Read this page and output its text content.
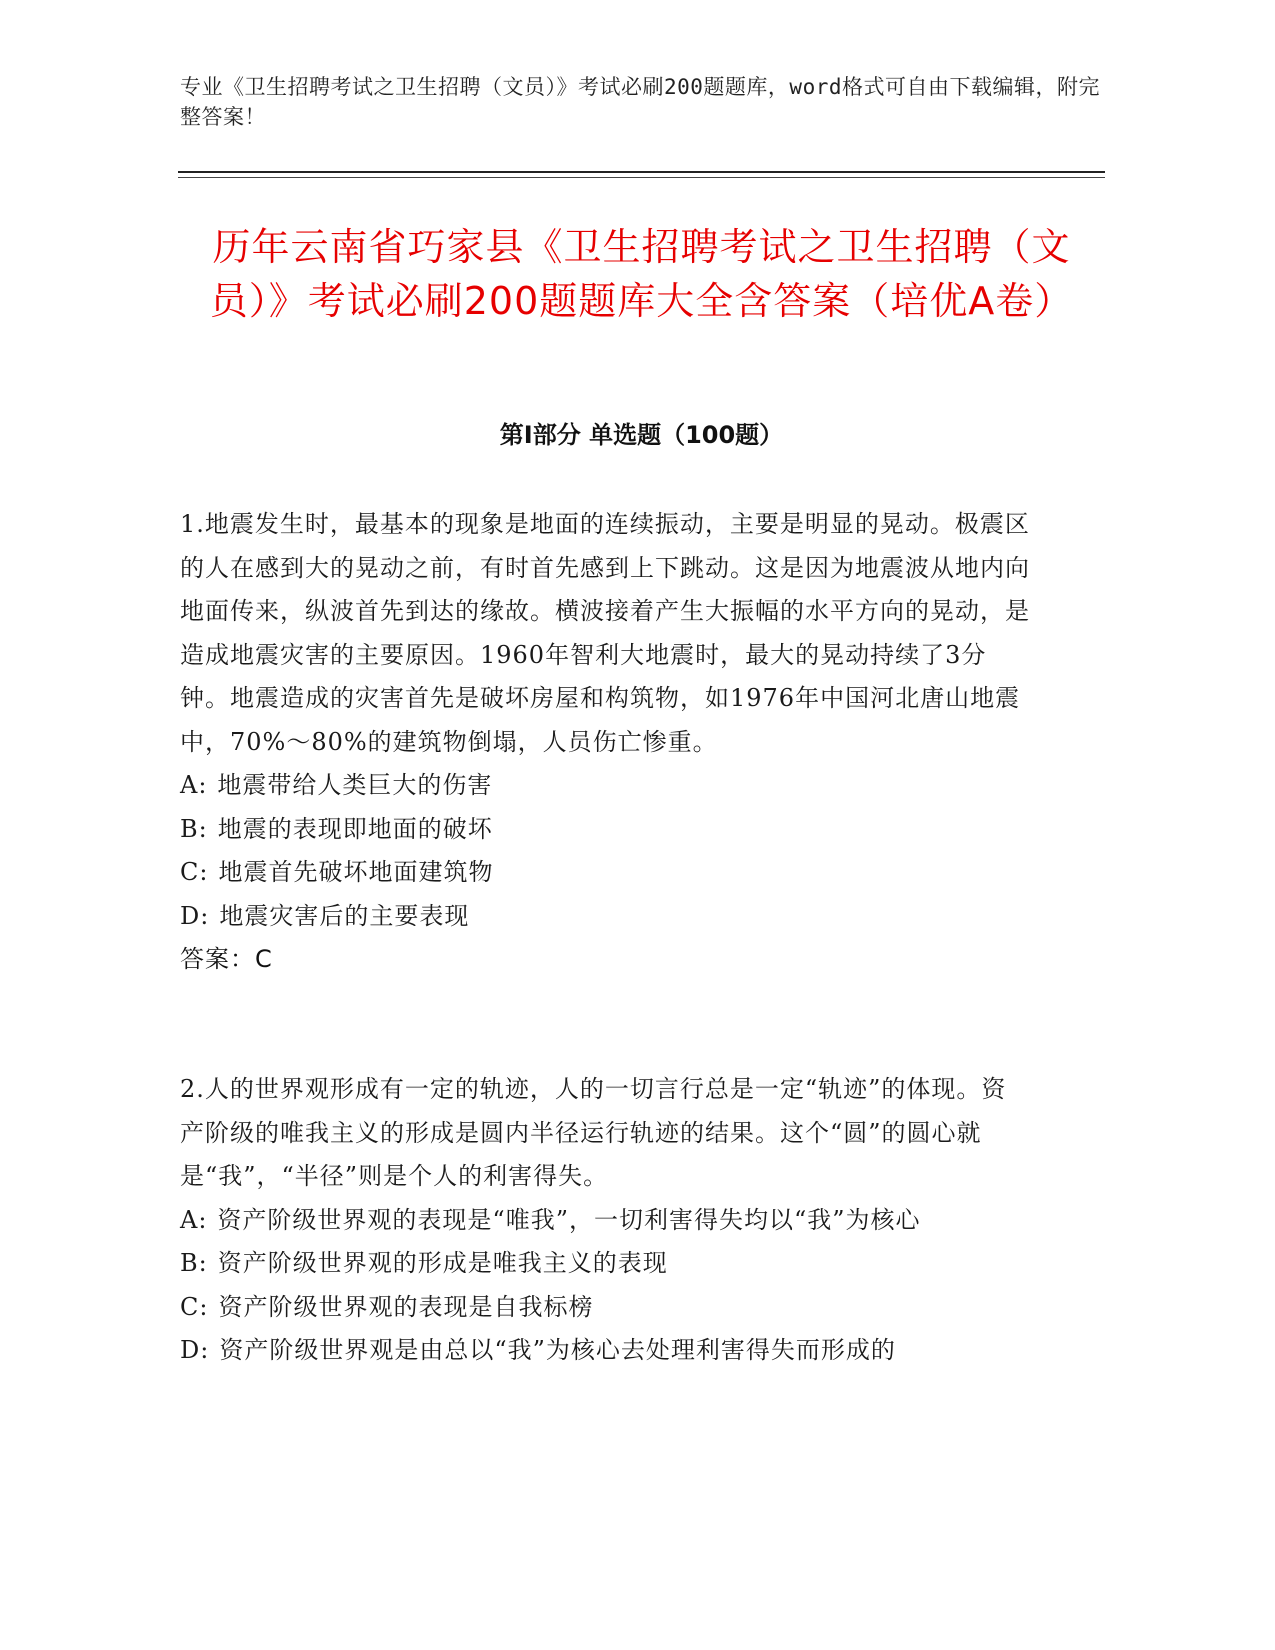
专业《卫生招聘考试之卫生招聘（文员）》考试必刷200题题库，word格式可自由下载编辑，附完整答案！
历年云南省巧家县《卫生招聘考试之卫生招聘（文员）》考试必刷200题题库大全含答案（培优A卷）
第I部分 单选题（100题）

1.地震发生时，最基本的现象是地面的连续振动，主要是明显的晃动。极震区的人在感到大的晃动之前，有时首先感到上下跳动。这是因为地震波从地内向地面传来，纵波首先到达的缘故。横波接着产生大振幅的水平方向的晃动，是造成地震灾害的主要原因。1960年智利大地震时，最大的晃动持续了3分钟。地震造成的灾害首先是破坏房屋和构筑物，如1976年中国河北唐山地震中，70%～80%的建筑物倒塌，人员伤亡惨重。

A: 地震带给人类巨大的伤害

B: 地震的表现即地面的破坏

C: 地震首先破坏地面建筑物

D: 地震灾害后的主要表现

答案：C

2.人的世界观形成有一定的轨迹，人的一切言行总是一定“轨迹”的体现。资产阶级的唯我主义的形成是圆内半径运行轨迹的结果。这个“圆”的圆心就是“我”，“半径”则是个人的利害得失。

A: 资产阶级世界观的表现是“唯我”，一切利害得失均以“我”为核心

B: 资产阶级世界观的形成是唯我主义的表现

C: 资产阶级世界观的表现是自我标榜

D: 资产阶级世界观是由总以“我”为核心去处理利害得失而形成的
